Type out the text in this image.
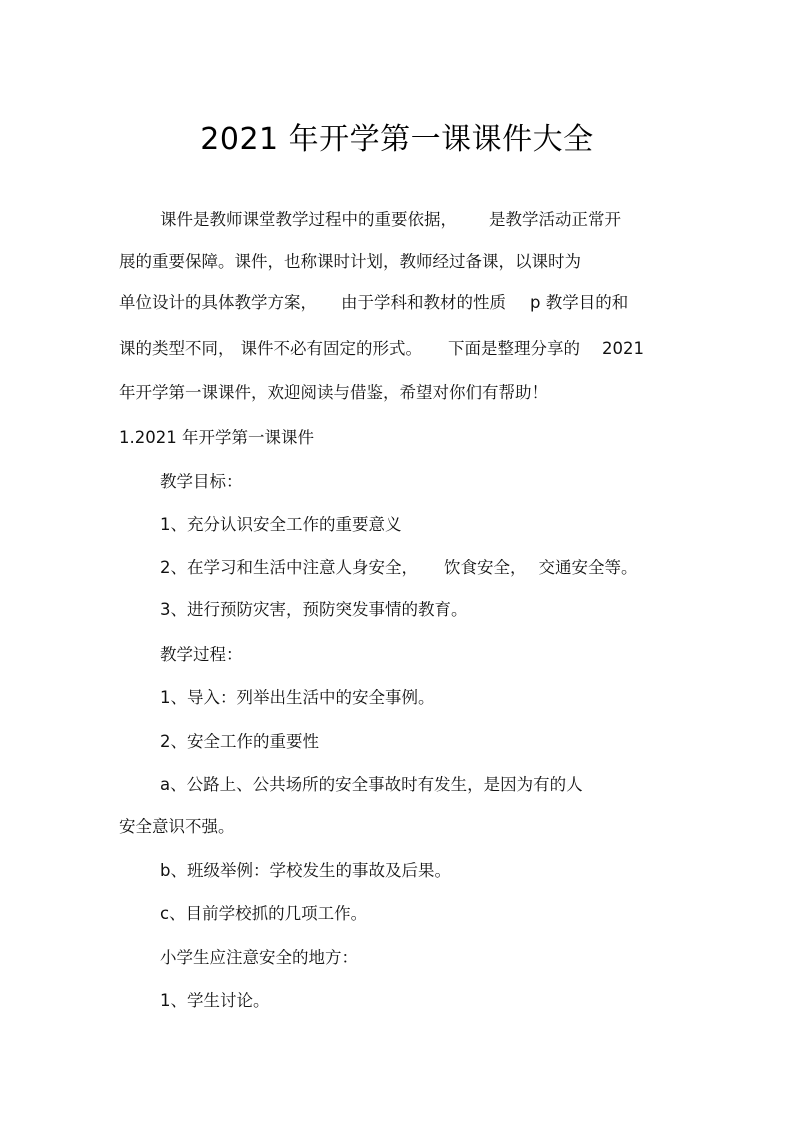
2021 年开学第一课课件大全
课件是教师课堂教学过程中的重要依据， 是教学活动正常开
展的重要保障。课件，也称课时计划，教师经过备课，以课时为
单位设计的具体教学方案， 由于学科和教材的性质 p 教学目的和
课的类型不同， 课件不必有固定的形式。 下面是整理分享的 2021
年开学第一课课件，欢迎阅读与借鉴，希望对你们有帮助！
1.2021 年开学第一课课件
教学目标：
1、充分认识安全工作的重要意义
2、在学习和生活中注意人身安全， 饮食安全， 交通安全等。
3、进行预防灾害，预防突发事情的教育。
教学过程：
1、导入：列举出生活中的安全事例。
2、安全工作的重要性
a、公路上、公共场所的安全事故时有发生，是因为有的人
安全意识不强。
b、班级举例：学校发生的事故及后果。
c、目前学校抓的几项工作。
小学生应注意安全的地方：
1、学生讨论。
